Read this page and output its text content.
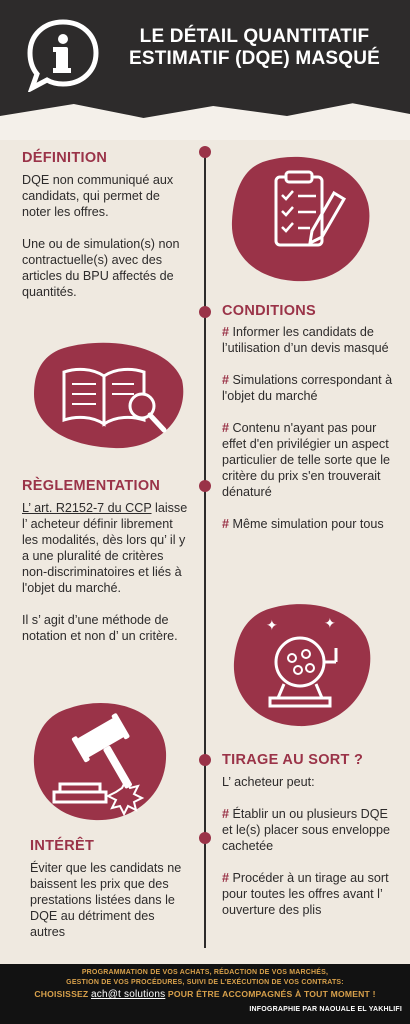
LE DÉTAIL QUANTITATIF
ESTIMATIF (DQE) MASQUÉ
DÉFINITION

DQE non communiqué aux candidats, qui permet de noter les offres.

Une ou de simulation(s) non contractuelle(s) avec des articles du BPU affectés de quantités.

CONDITIONS

# Informer les candidats de l’utilisation d’un devis masqué

# Simulations correspondant à l'objet du marché

# Contenu n'ayant pas pour effet d'en privilégier un aspect particulier de telle sorte que le critère du prix s'en trouverait dénaturé

# Même simulation pour tous

RÈGLEMENTATION

L’ art. R2152-7 du CCP laisse l’ acheteur définir librement les modalités, dès lors qu’ il y a une pluralité de critères non-discriminatoires et liés à l'objet du marché.

Il s’ agit d’une méthode de notation et non d’ un critère.

✦	✦
TIRAGE AU SORT ?

L’ acheteur peut:

# Établir un ou plusieurs DQE et le(s) placer sous enveloppe cachetée

# Procéder à un tirage au sort pour toutes les offres avant l’ ouverture des plis

INTÉRÊT

Éviter que les candidats ne baissent les prix que des prestations listées dans le DQE au détriment des autres

PROGRAMMATION DE VOS ACHATS, RÉDACTION DE VOS MARCHÉS,
GESTION DE VOS PROCÉDURES, SUIVI DE L'EXÉCUTION DE VOS CONTRATS:
CHOISISSEZ ach@t solutions POUR ÊTRE ACCOMPAGNÉS À TOUT MOMENT !
INFOGRAPHIE PAR NAOUALE EL YAKHLIFI
